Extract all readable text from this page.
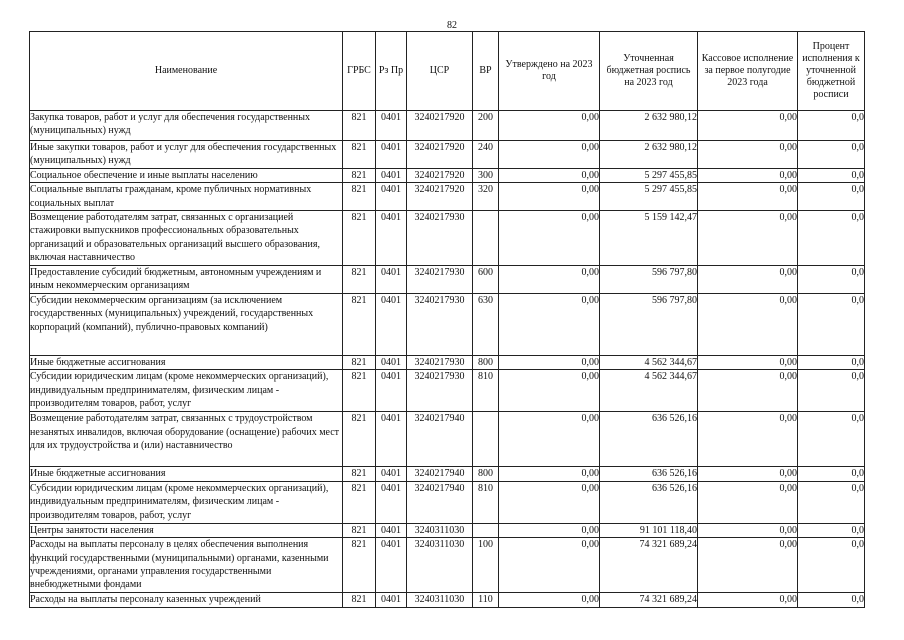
82
Наименование	ГРБС	Рз Пр	ЦСР	ВР	Утверждено на 2023 год	Уточненная бюджетная роспись на 2023 год	Кассовое исполнение за первое полугодие 2023 года	Процент исполнения к уточненной бюджетной росписи
Закупка товаров, работ и услуг для обеспечения государственных (муниципальных) нужд	821	0401	3240217920	200	0,00	2 632 980,12	0,00	0,0
Иные закупки товаров, работ и услуг для обеспечения государственных (муниципальных) нужд	821	0401	3240217920	240	0,00	2 632 980,12	0,00	0,0
Социальное обеспечение и иные выплаты населению	821	0401	3240217920	300	0,00	5 297 455,85	0,00	0,0
Социальные выплаты гражданам, кроме публичных нормативных социальных выплат	821	0401	3240217920	320	0,00	5 297 455,85	0,00	0,0
Возмещение работодателям затрат, связанных с организацией стажировки выпускников профессиональных образовательных организаций и образовательных организаций высшего образования, включая наставничество	821	0401	3240217930		0,00	5 159 142,47	0,00	0,0
Предоставление субсидий бюджетным, автономным учреждениям и иным некоммерческим организациям	821	0401	3240217930	600	0,00	596 797,80	0,00	0,0
Субсидии некоммерческим организациям (за исключением государственных (муниципальных) учреждений, государственных корпораций (компаний), публично-правовых компаний)	821	0401	3240217930	630	0,00	596 797,80	0,00	0,0
Иные бюджетные ассигнования	821	0401	3240217930	800	0,00	4 562 344,67	0,00	0,0
Субсидии юридическим лицам (кроме некоммерческих организаций), индивидуальным предпринимателям, физическим лицам - производителям товаров, работ, услуг	821	0401	3240217930	810	0,00	4 562 344,67	0,00	0,0
Возмещение работодателям затрат, связанных с трудоустройством незанятых инвалидов, включая оборудование (оснащение) рабочих мест для их трудоустройства и (или) наставничество	821	0401	3240217940		0,00	636 526,16	0,00	0,0
Иные бюджетные ассигнования	821	0401	3240217940	800	0,00	636 526,16	0,00	0,0
Субсидии юридическим лицам (кроме некоммерческих организаций), индивидуальным предпринимателям, физическим лицам - производителям товаров, работ, услуг	821	0401	3240217940	810	0,00	636 526,16	0,00	0,0
Центры занятости населения	821	0401	3240311030		0,00	91 101 118,40	0,00	0,0
Расходы на выплаты персоналу в целях обеспечения выполнения функций государственными (муниципальными) органами, казенными учреждениями, органами управления государственными внебюджетными фондами	821	0401	3240311030	100	0,00	74 321 689,24	0,00	0,0
Расходы на выплаты персоналу казенных учреждений	821	0401	3240311030	110	0,00	74 321 689,24	0,00	0,0
